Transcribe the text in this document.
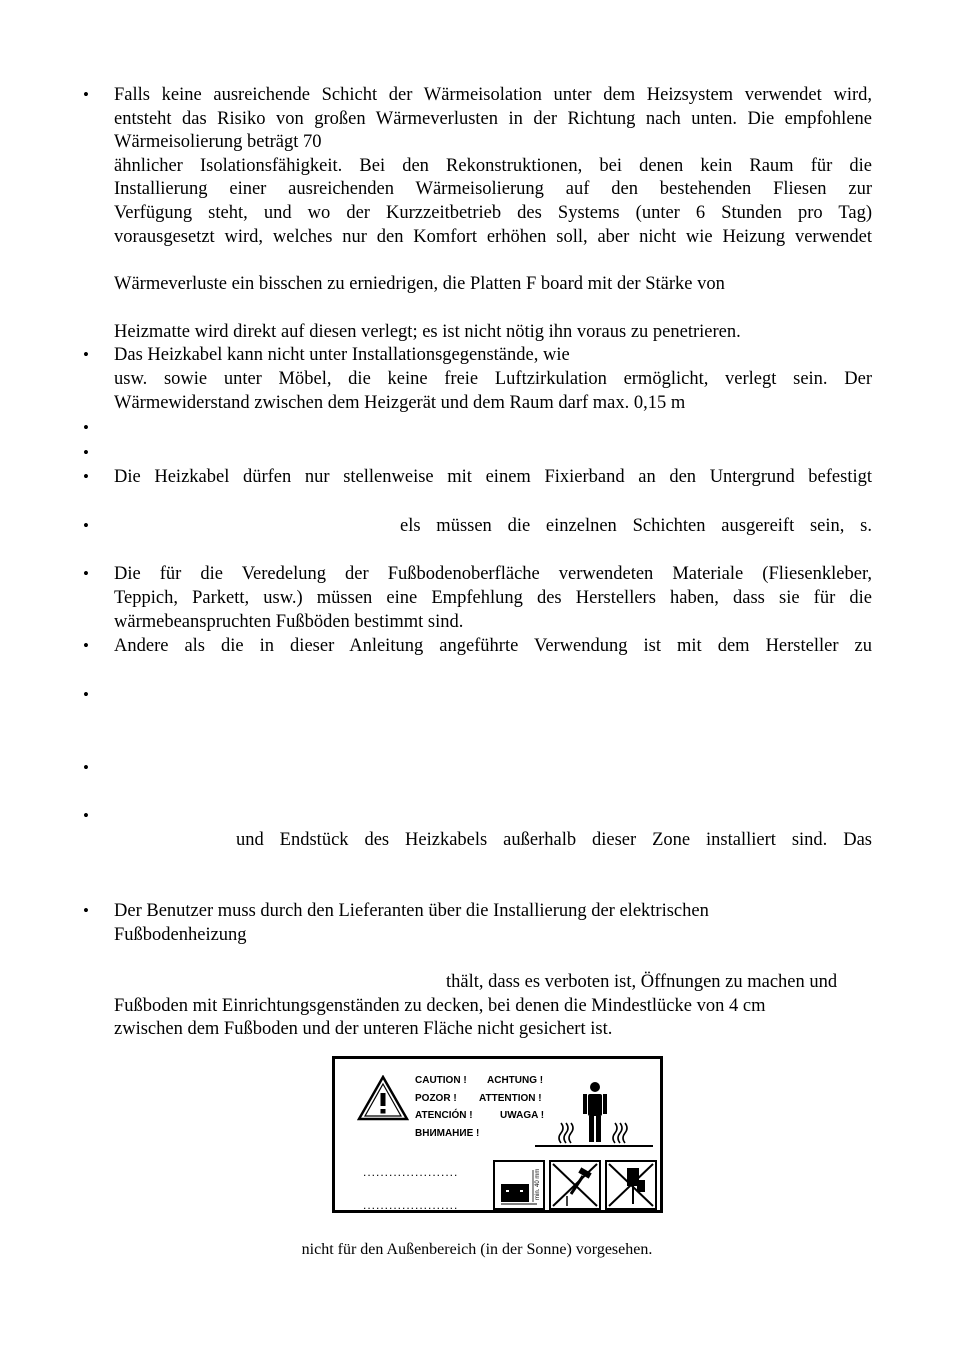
•
•
•
•
•
•
•
•
•
•
•
•
Falls keine ausreichende Schicht der Wärmeisolation unter dem Heizsystem verwendet wird,
entsteht das Risiko von großen Wärmeverlusten in der Richtung nach unten. Die empfohlene
Wärmeisolierung beträgt 70
ähnlicher Isolationsfähigkeit. Bei den Rekonstruktionen, bei denen kein Raum für die
Installierung einer ausreichenden Wärmeisolierung auf den bestehenden Fliesen zur
Verfügung steht, und wo der Kurzzeitbetrieb des Systems (unter 6 Stunden pro Tag)
vorausgesetzt wird, welches nur den Komfort erhöhen soll, aber nicht wie Heizung verwendet
Wärmeverluste ein bisschen zu erniedrigen, die Platten F board mit der Stärke von
Heizmatte wird direkt auf diesen verlegt; es ist nicht nötig ihn voraus zu penetrieren.
Das Heizkabel kann nicht unter Installationsgegenstände, wie
usw. sowie unter Möbel, die keine freie Luftzirkulation ermöglicht, verlegt sein. Der
Wärmewiderstand zwischen dem Heizgerät und dem Raum darf max. 0,15 m
Die Heizkabel dürfen nur stellenweise mit einem Fixierband an den Untergrund befestigt
els müssen die einzelnen Schichten ausgereift sein, s.
Die für die Veredelung der Fußbodenoberfläche verwendeten Materiale (Fliesenkleber,
Teppich, Parkett, usw.) müssen eine Empfehlung des Herstellers haben, dass sie für die
wärmebeanspruchten Fußböden bestimmt sind.
Andere als die in dieser Anleitung angeführte Verwendung ist mit dem Hersteller zu
und Endstück des Heizkabels außerhalb dieser Zone installiert sind. Das
Der Benutzer muss durch den Lieferanten über die Installierung der elektrischen
Fußbodenheizung
thält, dass es verboten ist, Öffnungen zu machen und
Fußboden mit Einrichtungsgenständen zu decken, bei denen die Mindestlücke von 4 cm
zwischen dem Fußboden und der unteren Fläche nicht gesichert ist.
CAUTION ! ACHTUNG !
POZOR ! ATTENTION !
ATENCIÓN !	UWAGA !
ВНИМАНИЕ !
......................
......................
min. 40 mm
nicht für den Außenbereich (in der Sonne) vorgesehen.
